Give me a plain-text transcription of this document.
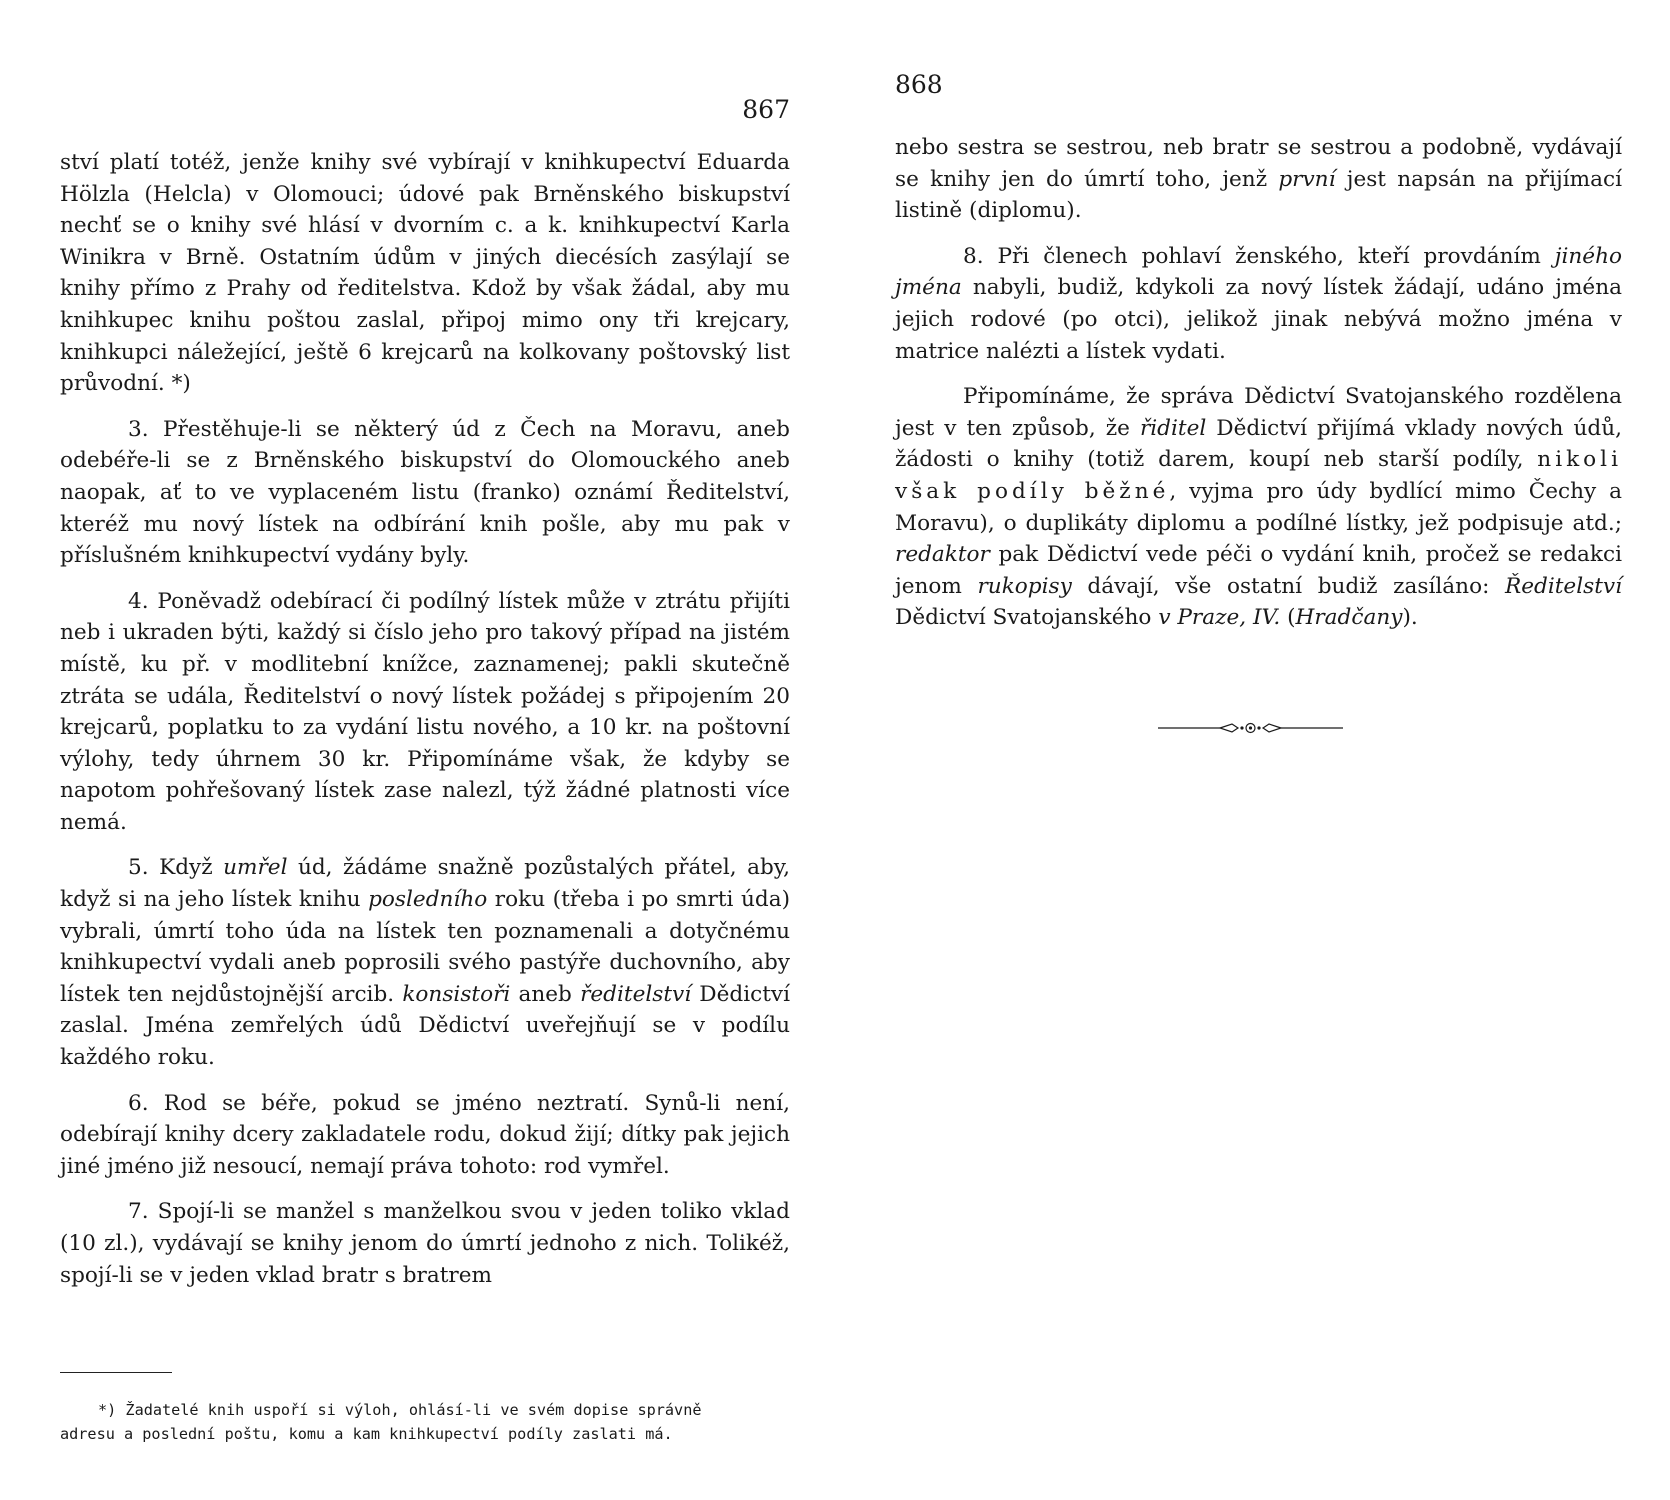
867

ství platí totéž, jenže knihy své vybírají v knihkupectví Eduarda Hölzla (Helcla) v Olomouci; údové pak Brněnského biskupství nechť se o knihy své hlásí v dvorním c. a k. knihkupectví Karla Winikra v Brně. Ostatním údům v jiných diecésích zasýlají se knihy přímo z Prahy od ředitelstva. Kdož by však žádal, aby mu knihkupec knihu poštou zaslal, připoj mimo ony tři krejcary, knihkupci náležející, ještě 6 krejcarů na kolkovany poštovský list průvodní. *)

3. Přestěhuje-li se některý úd z Čech na Moravu, aneb odebéře-li se z Brněnského biskupství do Olomouckého aneb naopak, ať to ve vyplaceném listu (franko) oznámí Ředitelství, kteréž mu nový lístek na odbírání knih pošle, aby mu pak v příslušném knihkupectví vydány byly.

4. Poněvadž odebírací či podílný lístek může v ztrátu přijíti neb i ukraden býti, každý si číslo jeho pro takový případ na jistém místě, ku př. v modlitební knížce, zaznamenej; pakli skutečně ztráta se udála, Ředitelství o nový lístek požádej s připojením 20 krejcarů, poplatku to za vydání listu nového, a 10 kr. na poštovní výlohy, tedy úhrnem 30 kr. Připomínáme však, že kdyby se napotom pohřešovaný lístek zase nalezl, týž žádné platnosti více nemá.

5. Když umřel úd, žádáme snažně pozůstalých přátel, aby, když si na jeho lístek knihu posledního roku (třeba i po smrti úda) vybrali, úmrtí toho úda na lístek ten poznamenali a dotyčnému knihkupectví vydali aneb poprosili svého pastýře duchovního, aby lístek ten nejdůstojnější arcib. konsistoři aneb ředitelství Dědictví zaslal. Jména zemřelých údů Dědictví uveřejňují se v podílu každého roku.

6. Rod se béře, pokud se jméno neztratí. Synů-li není, odebírají knihy dcery zakladatele rodu, dokud žijí; dítky pak jejich jiné jméno již nesoucí, nemají práva tohoto: rod vymřel.

7. Spojí-li se manžel s manželkou svou v jeden toliko vklad (10 zl.), vydávají se knihy jenom do úmrtí jednoho z nich. Tolikéž, spojí-li se v jeden vklad bratr s bratrem

*) Žadatelé knih uspoří si výloh, ohlásí-li ve svém dopise správně
adresu a poslední poštu, komu a kam knihkupectví podíly zaslati má.
868

nebo sestra se sestrou, neb bratr se sestrou a podobně, vydávají se knihy jen do úmrtí toho, jenž první jest napsán na přijímací listině (diplomu).

8. Při členech pohlaví ženského, kteří provdáním jiného jména nabyli, budiž, kdykoli za nový lístek žádají, udáno jména jejich rodové (po otci), jelikož jinak nebývá možno jména v matrice nalézti a lístek vydati.

Připomínáme, že správa Dědictví Svatojanského rozdělena jest v ten způsob, že řiditel Dědictví přijímá vklady nových údů, žádosti o knihy (totiž darem, koupí neb starší podíly, nikoli však podíly běžné, vyjma pro údy bydlící mimo Čechy a Moravu), o duplikáty diplomu a podílné lístky, jež podpisuje atd.; redaktor pak Dědictví vede péči o vydání knih, pročež se redakci jenom rukopisy dávají, vše ostatní budiž zasíláno: Ředitelství Dědictví Svatojanského v Praze, IV. (Hradčany).
